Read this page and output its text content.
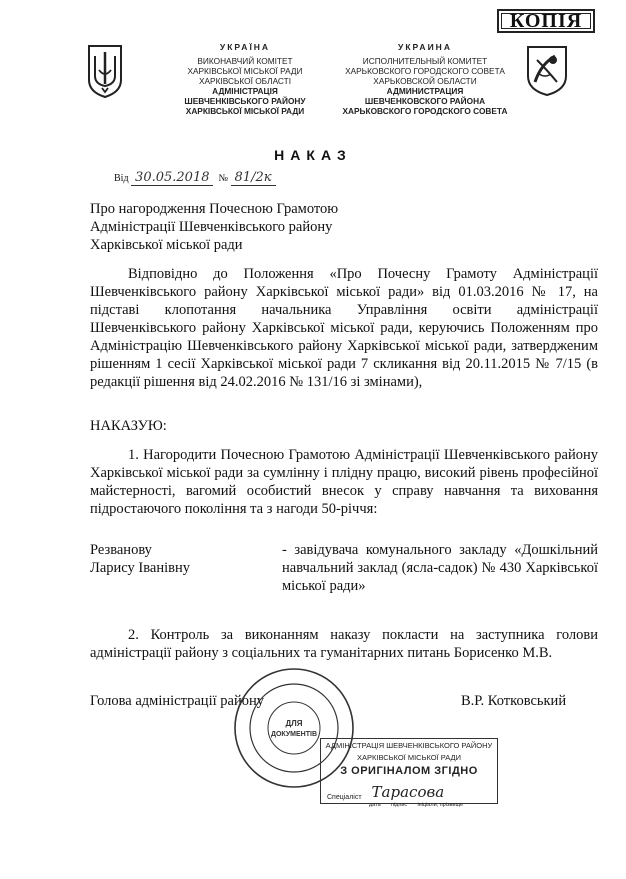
КОПІЯ
УКРАЇНА
ВИКОНАВЧИЙ КОМІТЕТ
ХАРКІВСЬКОЇ МІСЬКОЇ РАДИ
ХАРКІВСЬКОЇ ОБЛАСТІ
АДМІНІСТРАЦІЯ
ШЕВЧЕНКІВСЬКОГО РАЙОНУ
ХАРКІВСЬКОЇ МІСЬКОЇ РАДИ
УКРАИНА
ИСПОЛНИТЕЛЬНЫЙ КОМИТЕТ
ХАРЬКОВСКОГО ГОРОДСКОГО СОВЕТА
ХАРЬКОВСКОЙ ОБЛАСТИ
АДМИНИСТРАЦИЯ
ШЕВЧЕНКОВСКОГО РАЙОНА
ХАРЬКОВСКОГО ГОРОДСКОГО СОВЕТА
НАКАЗ
Від 30.05.2018 № 81/2к
Про нагородження Почесною Грамотою
Адміністрації Шевченківського району
Харківської міської ради
Відповідно до Положення «Про Почесну Грамоту Адміністрації Шевченківського району Харківської міської ради» від 01.03.2016 № 17, на підставі клопотання начальника Управління освіти адміністрації Шевченківського району Харківської міської ради, керуючись Положенням про Адміністрацію Шевченківського району Харківської міської ради, затвердженим рішенням 1 сесії Харківської міської ради 7 скликання від 20.11.2015 № 7/15 (в редакції рішення від 24.02.2016 № 131/16 зі змінами),
НАКАЗУЮ:
1. Нагородити Почесною Грамотою Адміністрації Шевченківського району Харківської міської ради за сумлінну і плідну працю, високий рівень професійної майстерності, вагомий особистий внесок у справу навчання та виховання підростаючого покоління та з нагоди 50-річчя:
Резванову
Ларису Іванівну
- завідувача комунального закладу «Дошкільний навчальний заклад (ясла-садок) № 430 Харківської міської ради»
2. Контроль за виконанням наказу покласти на заступника голови адміністрації району з соціальних та гуманітарних питань Борисенко М.В.
Голова адміністрації району	В.Р. Котковський
ДЛЯ
ДОКУМЕНТІВ
АДМІНІСТРАЦІЯ ШЕВЧЕНКІВСЬКОГО РАЙОНУ
ХАРКІВСЬКОЇ МІСЬКОЇ РАДИ
З ОРИГІНАЛОМ ЗГІДНО
Спеціаліст Тарасова
дата підпис ініціали, прізвище
